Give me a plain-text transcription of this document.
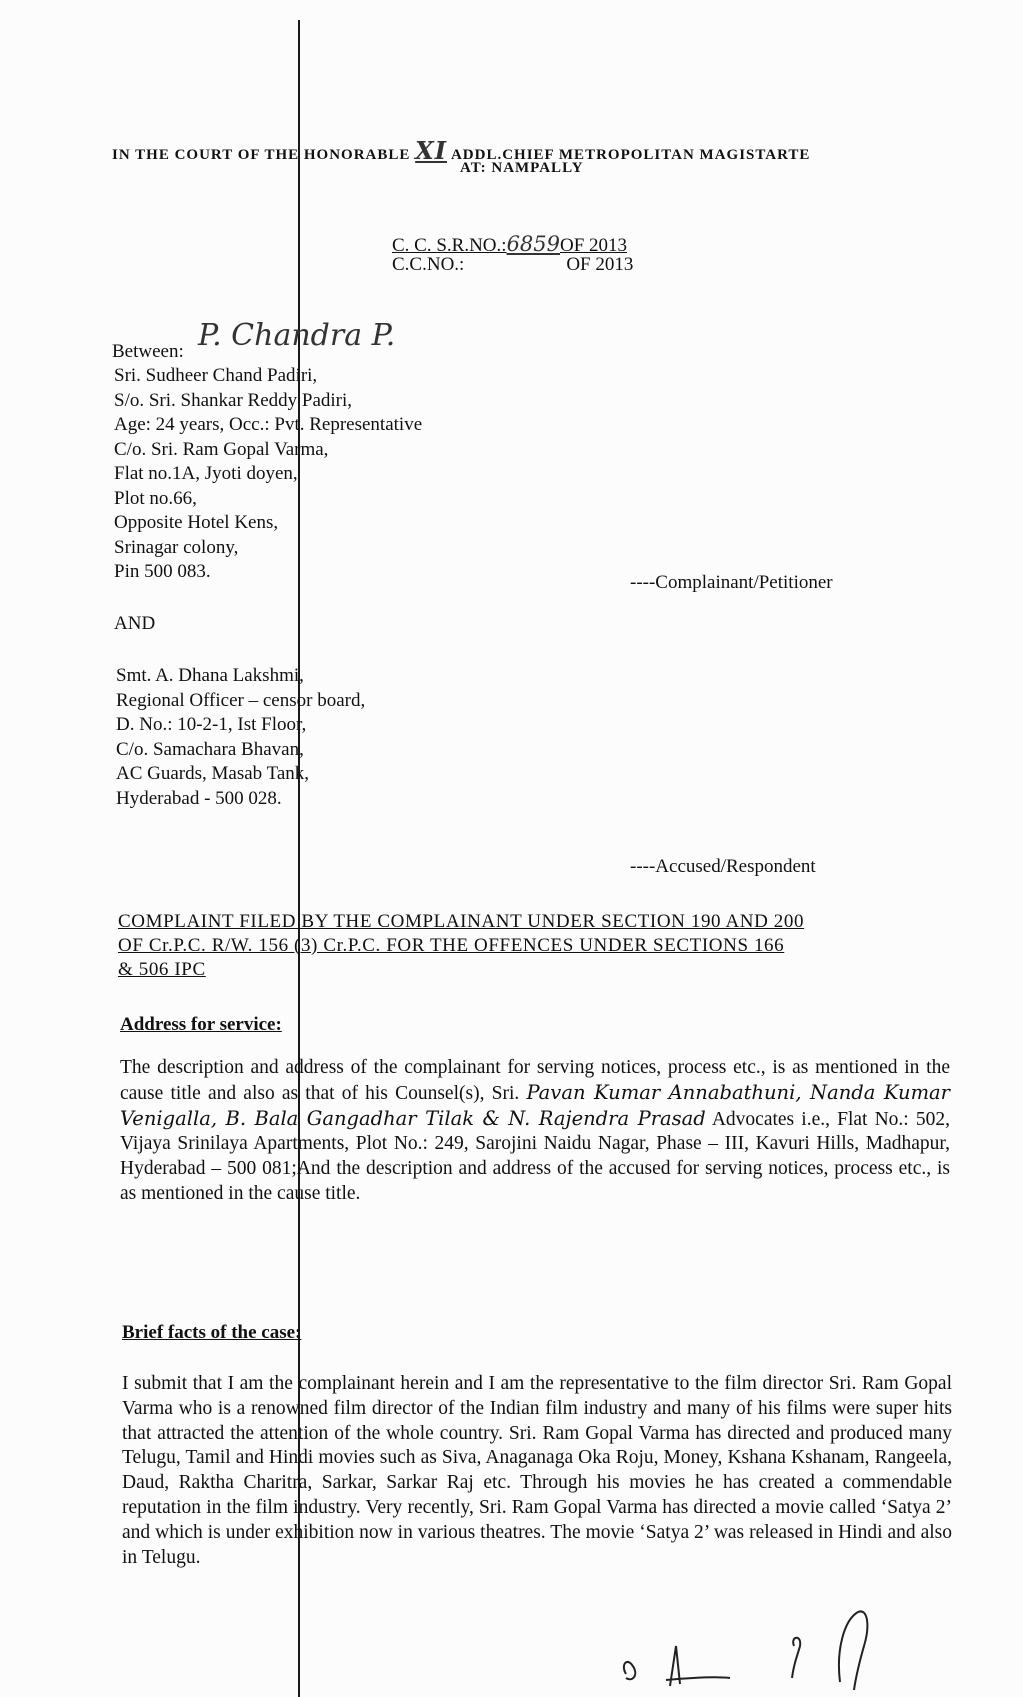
IN THE COURT OF THE HONORABLE XI ADDL.CHIEF METROPOLITAN MAGISTARTE
AT: NAMPALLY
C. C. S.R.NO.:6859OF 2013
C.C.NO.:	OF 2013
Between: P. Chandra P.
Sri. Sudheer Chand Padiri,
S/o. Sri. Shankar Reddy Padiri,
Age: 24 years, Occ.: Pvt. Representative
C/o. Sri. Ram Gopal Varma,
Flat no.1A, Jyoti doyen,
Plot no.66,
Opposite Hotel Kens,
Srinagar colony,
Pin 500 083.
----Complainant/Petitioner
AND
Smt. A. Dhana Lakshmi,
Regional Officer – censor board,
D. No.: 10-2-1, Ist Floor,
C/o. Samachara Bhavan,
AC Guards, Masab Tank,
Hyderabad - 500 028.
----Accused/Respondent
COMPLAINT FILED BY THE COMPLAINANT UNDER SECTION 190 AND 200
OF Cr.P.C. R/W. 156 (3) Cr.P.C. FOR THE OFFENCES UNDER SECTIONS 166
& 506 IPC
Address for service:
The description and address of the complainant for serving notices, process etc., is as mentioned in the cause title and also as that of his Counsel(s), Sri. Pavan Kumar Annabathuni, Nanda Kumar Venigalla, B. Bala Gangadhar Tilak & N. Rajendra Prasad Advocates i.e., Flat No.: 502, Vijaya Srinilaya Apartments, Plot No.: 249, Sarojini Naidu Nagar, Phase – III, Kavuri Hills, Madhapur, Hyderabad – 500 081;And the description and address of the accused for serving notices, process etc., is as mentioned in the cause title.
Brief facts of the case:
I submit that I am the complainant herein and I am the representative to the film director Sri. Ram Gopal Varma who is a renowned film director of the Indian film industry and many of his films were super hits that attracted the attention of the whole country. Sri. Ram Gopal Varma has directed and produced many Telugu, Tamil and Hindi movies such as Siva, Anaganaga Oka Roju, Money, Kshana Kshanam, Rangeela, Daud, Raktha Charitra, Sarkar, Sarkar Raj etc. Through his movies he has created a commendable reputation in the film industry. Very recently, Sri. Ram Gopal Varma has directed a movie called ‘Satya 2’ and which is under exhibition now in various theatres. The movie ‘Satya 2’ was released in Hindi and also in Telugu.
